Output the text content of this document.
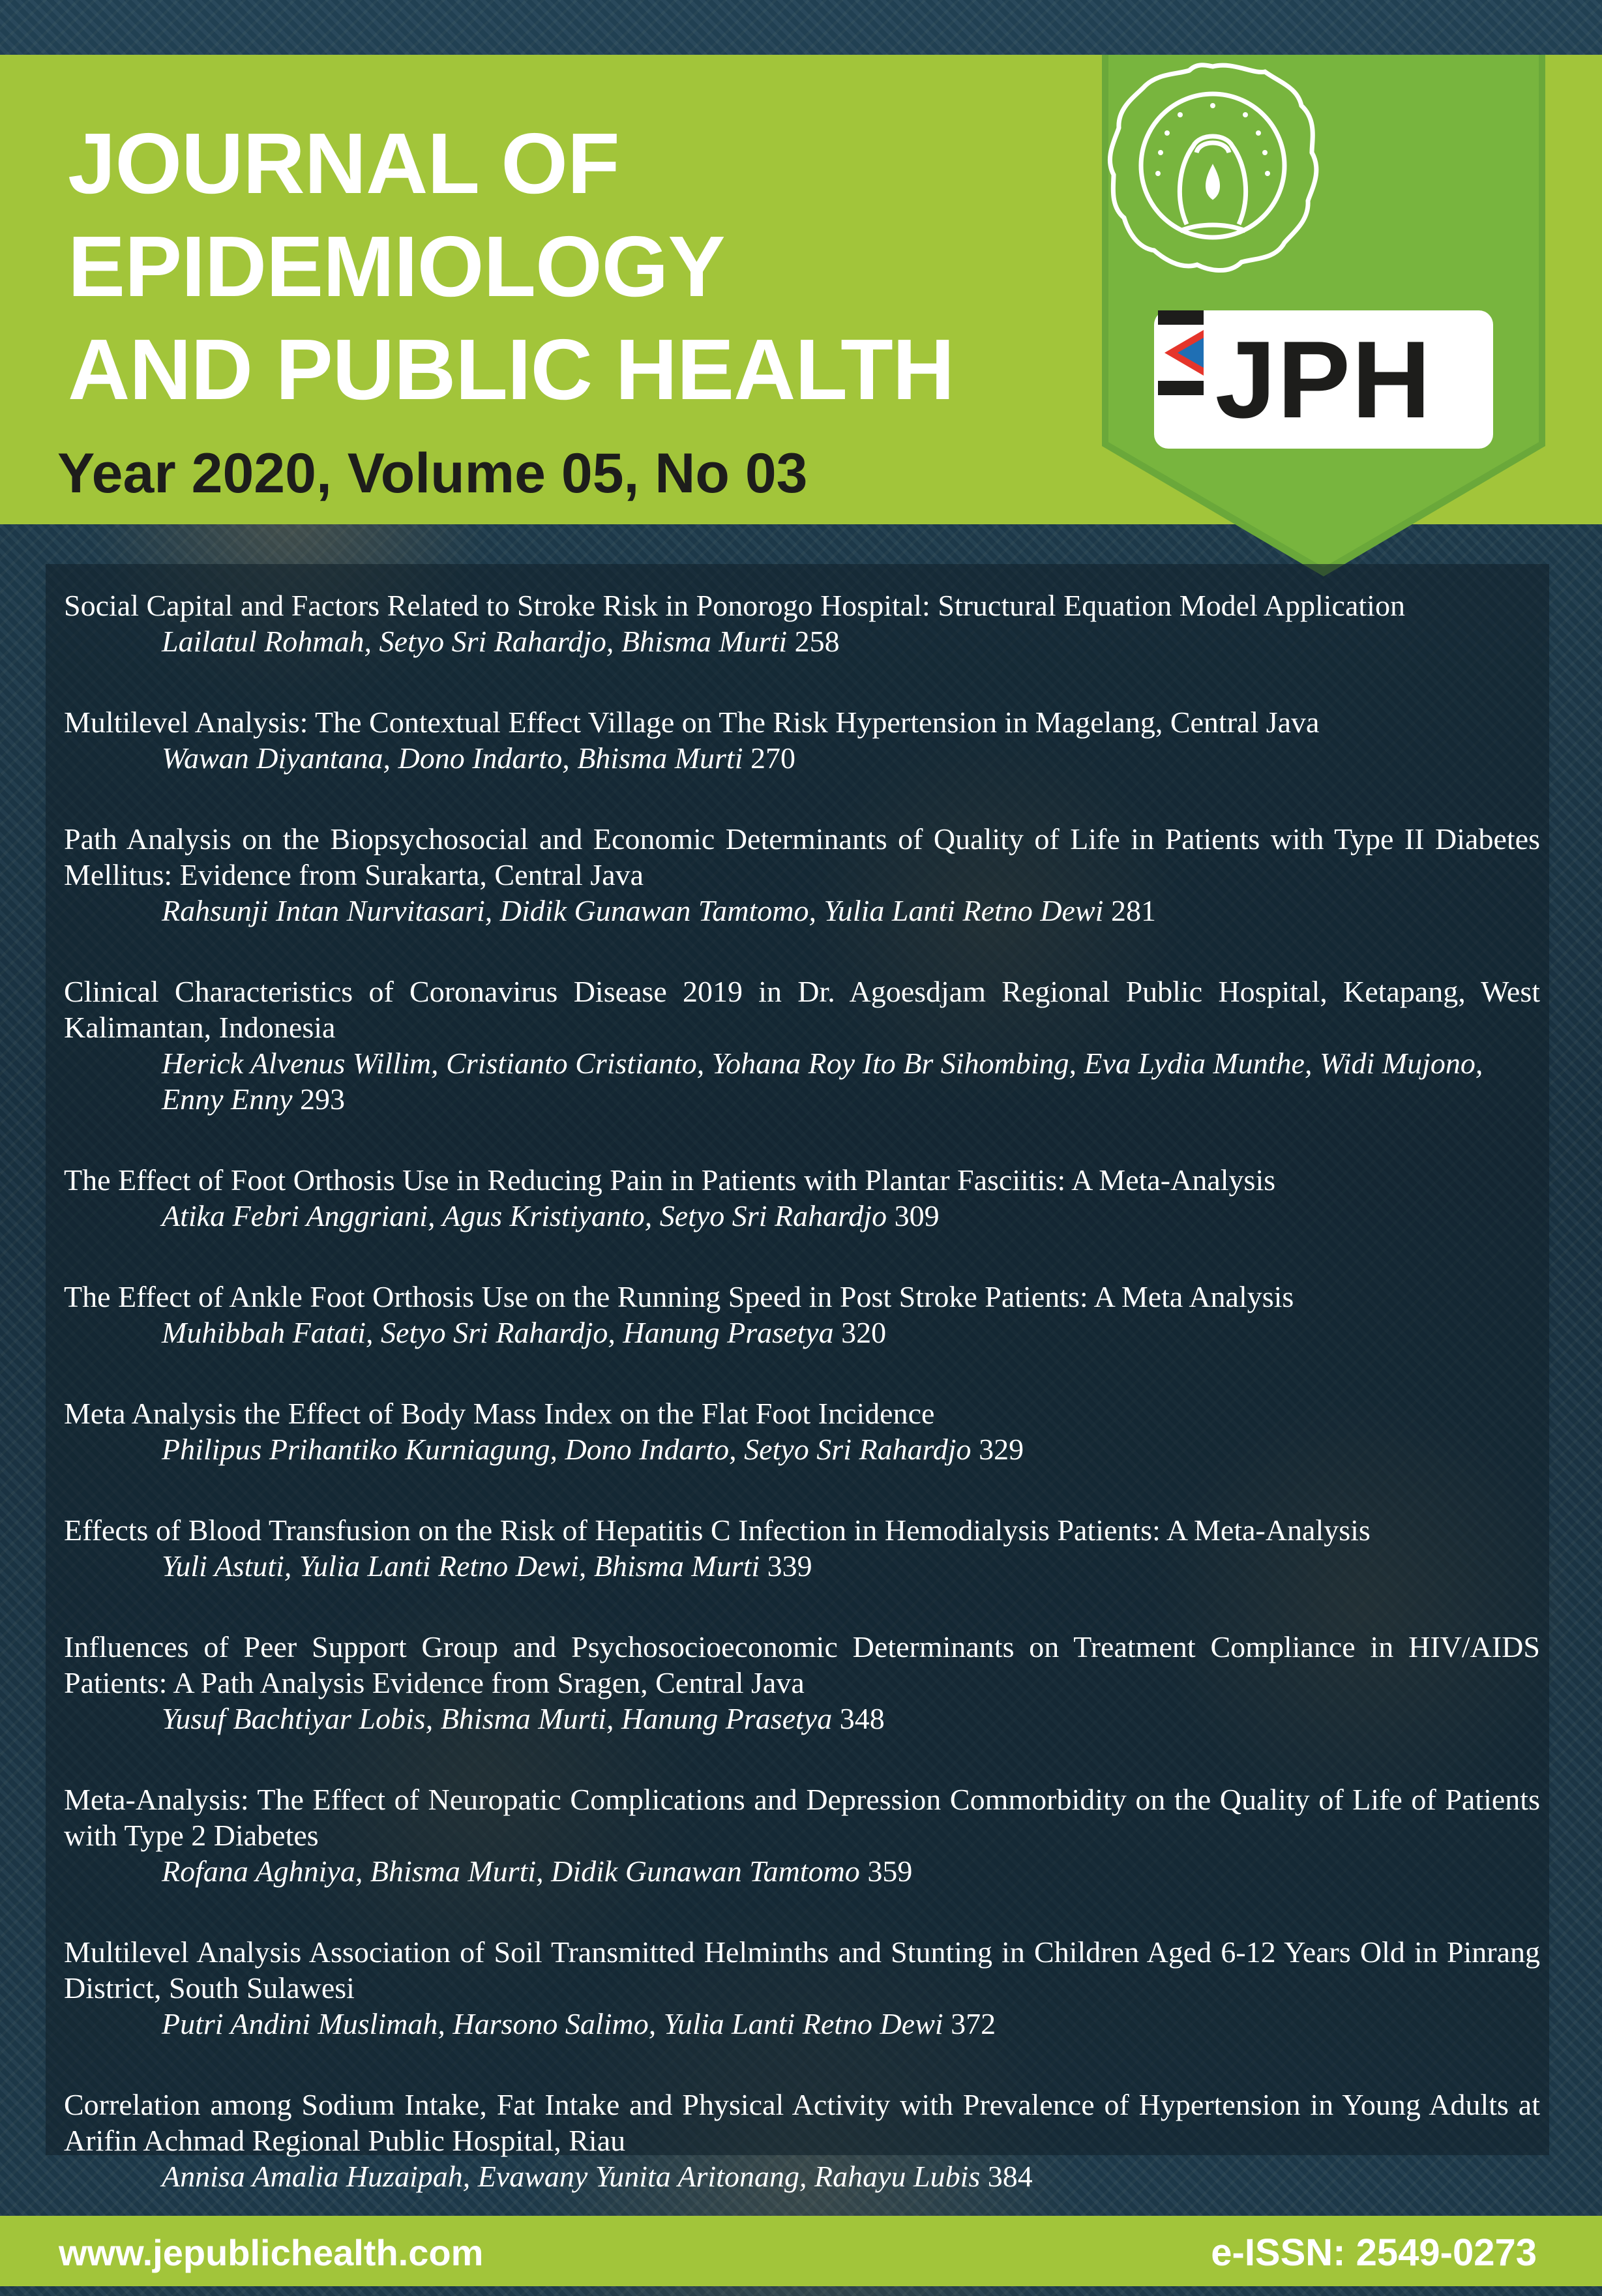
JOURNAL OF
EPIDEMIOLOGY
AND PUBLIC HEALTH

Year 2020, Volume 05, No 03

J PH

Social Capital and Factors Related to Stroke Risk in Ponorogo Hospital: Structural Equation Model Application

Lailatul Rohmah, Setyo Sri Rahardjo, Bhisma Murti 258

Multilevel Analysis: The Contextual Effect Village on The Risk Hypertension in Magelang, Central Java

Wawan Diyantana, Dono Indarto, Bhisma Murti 270

Path Analysis on the Biopsychosocial and Economic Determinants of Quality of Life in Patients with Type II Diabetes Mellitus: Evidence from Surakarta, Central Java

Rahsunji Intan Nurvitasari, Didik Gunawan Tamtomo, Yulia Lanti Retno Dewi 281

Clinical Characteristics of Coronavirus Disease 2019 in Dr. Agoesdjam Regional Public Hospital, Ketapang, West Kalimantan, Indonesia

Herick Alvenus Willim, Cristianto Cristianto, Yohana Roy Ito Br Sihombing, Eva Lydia Munthe, Widi Mujono, Enny Enny 293

The Effect of Foot Orthosis Use in Reducing Pain in Patients with Plantar Fasciitis: A Meta-Analysis

Atika Febri Anggriani, Agus Kristiyanto, Setyo Sri Rahardjo 309

The Effect of Ankle Foot Orthosis Use on the Running Speed in Post Stroke Patients: A Meta Analysis

Muhibbah Fatati, Setyo Sri Rahardjo, Hanung Prasetya 320

Meta Analysis the Effect of Body Mass Index on the Flat Foot Incidence

Philipus Prihantiko Kurniagung, Dono Indarto, Setyo Sri Rahardjo 329

Effects of Blood Transfusion on the Risk of Hepatitis C Infection in Hemodialysis Patients: A Meta-Analysis

Yuli Astuti, Yulia Lanti Retno Dewi, Bhisma Murti 339

Influences of Peer Support Group and Psychosocioeconomic Determinants on Treatment Compliance in HIV/AIDS Patients: A Path Analysis Evidence from Sragen, Central Java

Yusuf Bachtiyar Lobis, Bhisma Murti, Hanung Prasetya 348

Meta-Analysis: The Effect of Neuropatic Complications and Depression Commorbidity on the Quality of Life of Patients with Type 2 Diabetes

Rofana Aghniya, Bhisma Murti, Didik Gunawan Tamtomo 359

Multilevel Analysis Association of Soil Transmitted Helminths and Stunting in Children Aged 6-12 Years Old in Pinrang District, South Sulawesi

Putri Andini Muslimah, Harsono Salimo, Yulia Lanti Retno Dewi 372

Correlation among Sodium Intake, Fat Intake and Physical Activity with Prevalence of Hypertension in Young Adults at Arifin Achmad Regional Public Hospital, Riau

Annisa Amalia Huzaipah, Evawany Yunita Aritonang, Rahayu Lubis 384

www.jepublichealth.com	e-ISSN: 2549-0273
